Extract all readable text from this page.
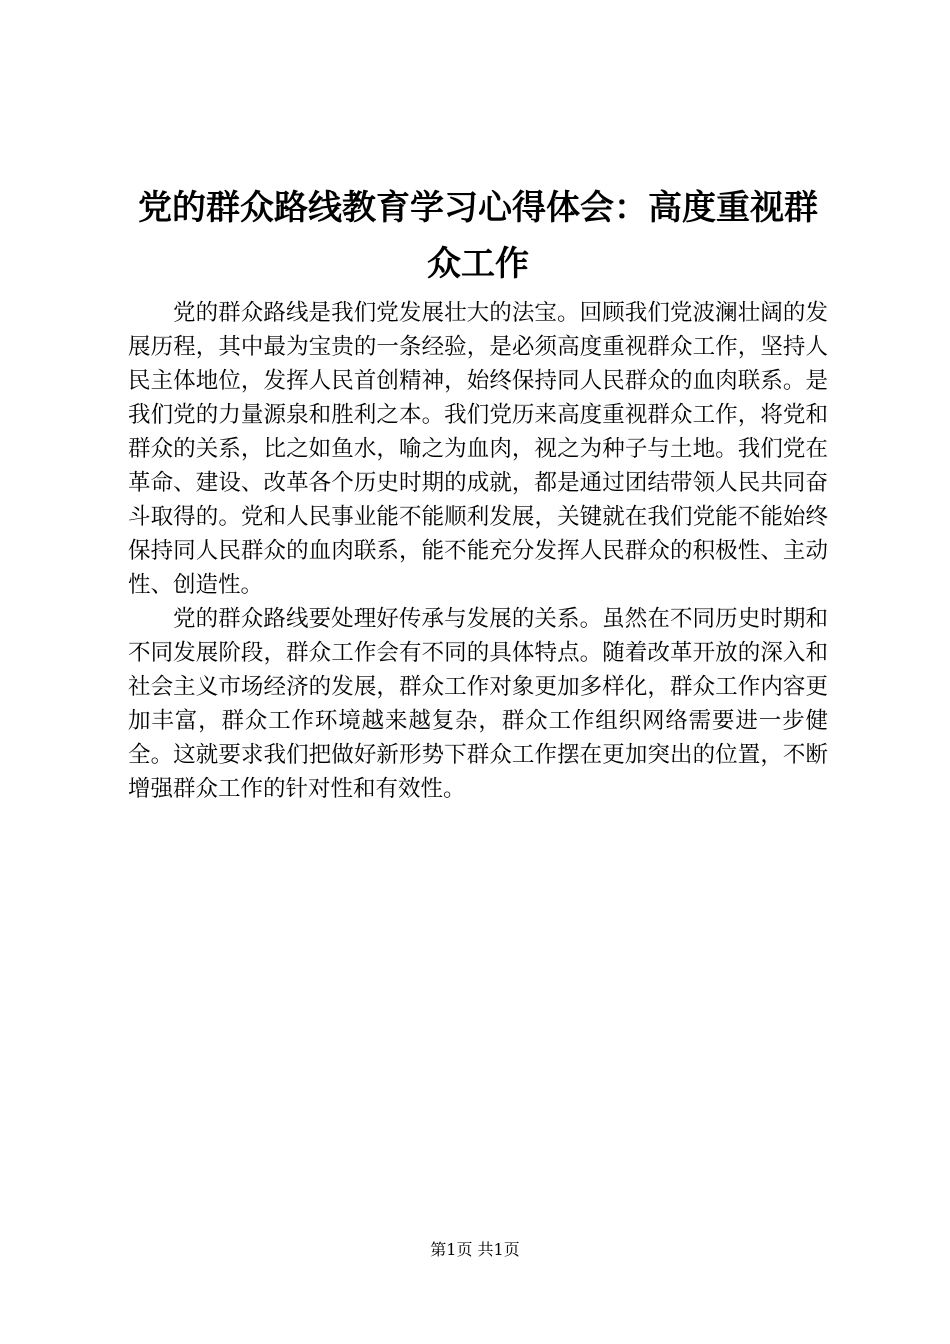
党的群众路线教育学习心得体会：高度重视群众工作

党的群众路线是我们党发展壮大的法宝。回顾我们党波澜壮阔的发展历程，其中最为宝贵的一条经验，是必须高度重视群众工作，坚持人民主体地位，发挥人民首创精神，始终保持同人民群众的血肉联系。是我们党的力量源泉和胜利之本。我们党历来高度重视群众工作，将党和群众的关系，比之如鱼水，喻之为血肉，视之为种子与土地。我们党在革命、建设、改革各个历史时期的成就，都是通过团结带领人民共同奋斗取得的。党和人民事业能不能顺利发展，关键就在我们党能不能始终保持同人民群众的血肉联系，能不能充分发挥人民群众的积极性、主动性、创造性。

党的群众路线要处理好传承与发展的关系。虽然在不同历史时期和不同发展阶段，群众工作会有不同的具体特点。随着改革开放的深入和社会主义市场经济的发展，群众工作对象更加多样化，群众工作内容更加丰富，群众工作环境越来越复杂，群众工作组织网络需要进一步健全。这就要求我们把做好新形势下群众工作摆在更加突出的位置，不断增强群众工作的针对性和有效性。

第1页 共1页
